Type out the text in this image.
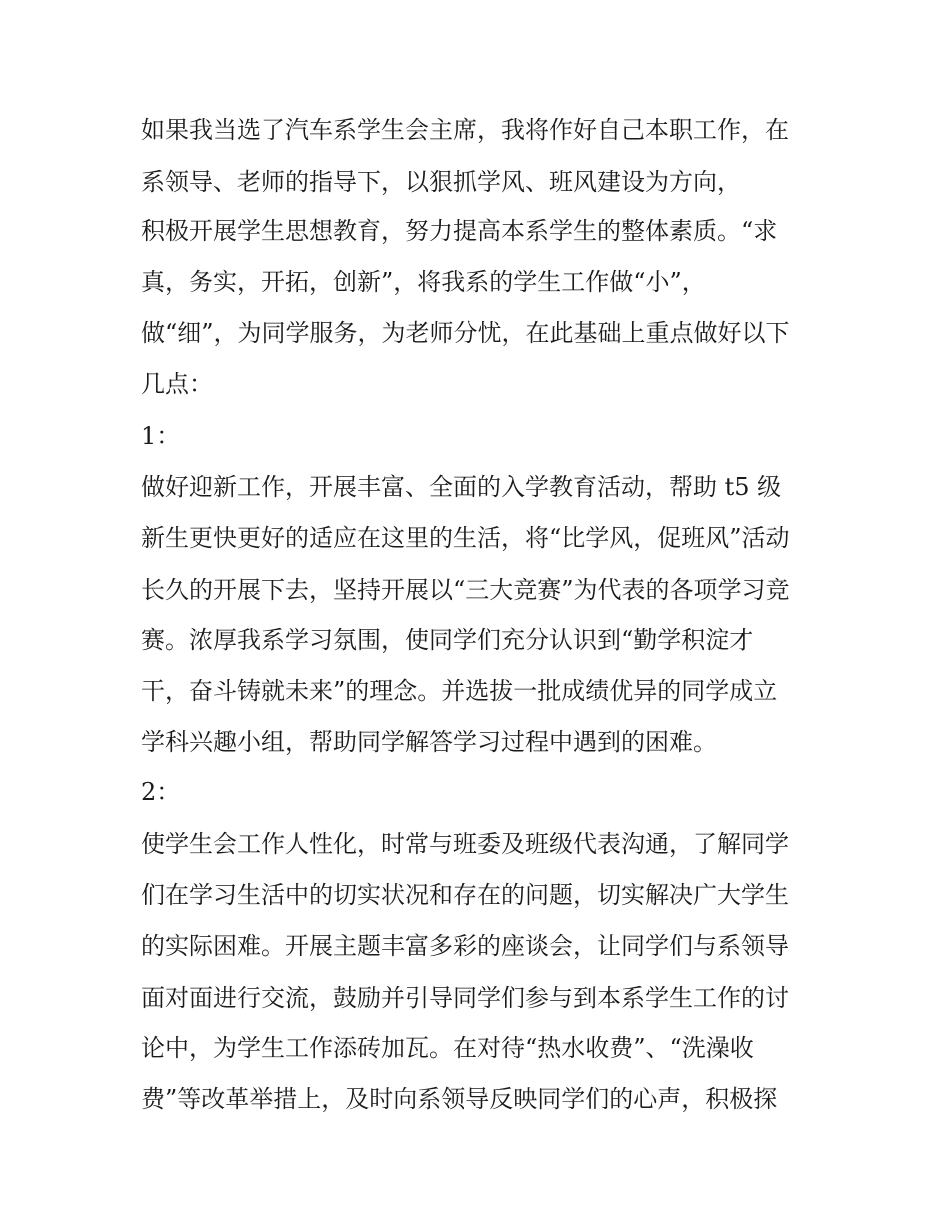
如果我当选了汽车系学生会主席，我将作好自己本职工作，在
系领导、老师的指导下，以狠抓学风、班风建设为方向，
积极开展学生思想教育，努力提高本系学生的整体素质。“求
真，务实，开拓，创新”，将我系的学生工作做“小”，
做“细”，为同学服务，为老师分忧，在此基础上重点做好以下
几点：
1：
做好迎新工作，开展丰富、全面的入学教育活动，帮助 t5 级
新生更快更好的适应在这里的生活，将“比学风，促班风”活动
长久的开展下去，坚持开展以“三大竞赛”为代表的各项学习竞
赛。浓厚我系学习氛围，使同学们充分认识到“勤学积淀才
干，奋斗铸就未来”的理念。并选拔一批成绩优异的同学成立
学科兴趣小组，帮助同学解答学习过程中遇到的困难。
2：
使学生会工作人性化，时常与班委及班级代表沟通，了解同学
们在学习生活中的切实状况和存在的问题，切实解决广大学生
的实际困难。开展主题丰富多彩的座谈会，让同学们与系领导
面对面进行交流，鼓励并引导同学们参与到本系学生工作的讨
论中，为学生工作添砖加瓦。在对待“热水收费”、“洗澡收
费”等改革举措上，及时向系领导反映同学们的心声，积极探
